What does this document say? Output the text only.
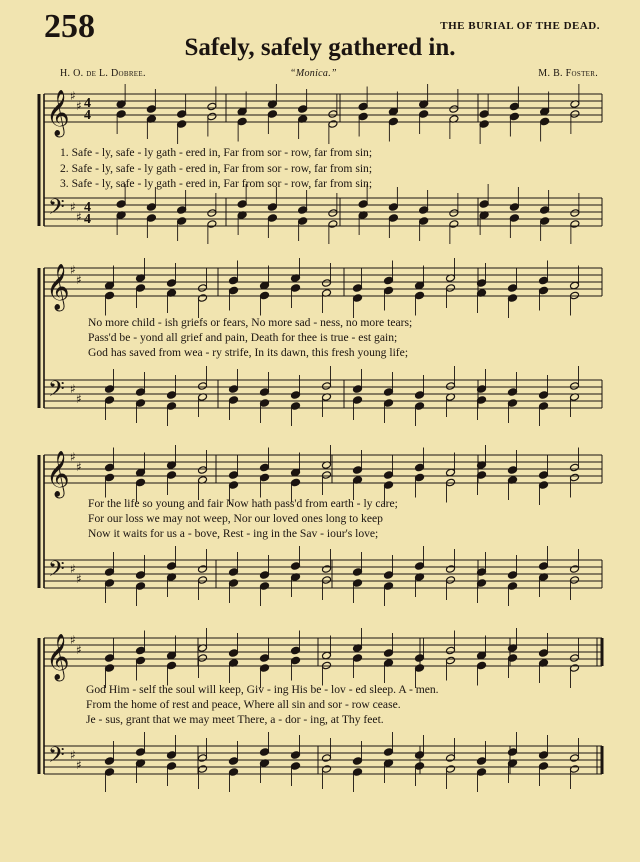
258	THE BURIAL OF THE DEAD.
Safely, safely gathered in.
H. O. de L. Dobree.	“Monica.”	M. B. Foster.
𝄞
𝄢
♯
♯
♯
♯
4
4
4
4
𝄞
𝄢
♯
♯
♯
♯
𝄞
𝄢
♯
♯
♯
♯
𝄞
𝄢
♯
♯
♯
♯
1. Safe - ly, safe - ly gath - ered in, Far from sor - row, far from sin;
2. Safe - ly, safe - ly gath - ered in, Far from sor - row, far from sin;
3. Safe - ly, safe - ly gath - ered in, Far from sor - row, far from sin;
No more child - ish griefs or fears, No more sad - ness, no more tears;
Pass'd be - yond all grief and pain, Death for thee is true - est gain;
God has saved from wea - ry strife, In its dawn, this fresh young life;
For the life so young and fair Now hath pass'd from earth - ly care;
For our loss we may not weep, Nor our loved ones long to keep
Now it waits for us a - bove, Rest - ing in the Sav - iour's love;
God Him - self the soul will keep, Giv - ing His be - lov - ed sleep. A - men.
From the home of rest and peace, Where all sin and sor - row cease.
Je - sus, grant that we may meet There, a - dor - ing, at Thy feet.
